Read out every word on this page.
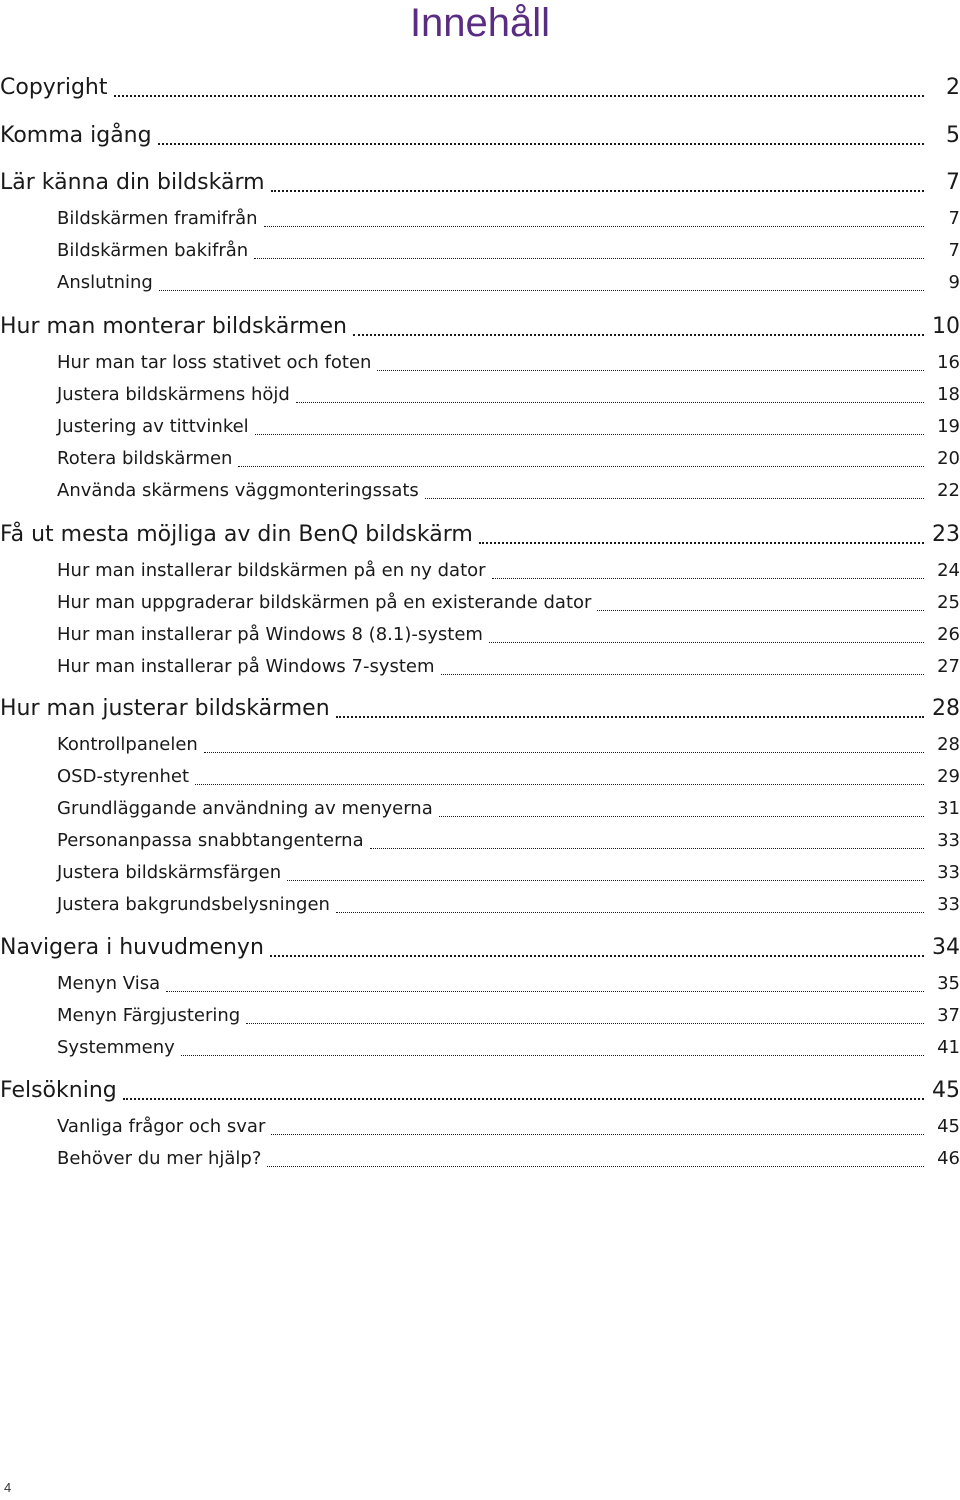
Innehåll
Copyright	2
Komma igång	5
Lär känna din bildskärm	7
Bildskärmen framifrån	7
Bildskärmen bakifrån	7
Anslutning	9
Hur man monterar bildskärmen	10
Hur man tar loss stativet och foten	16
Justera bildskärmens höjd	18
Justering av tittvinkel	19
Rotera bildskärmen	20
Använda skärmens väggmonteringssats	22
Få ut mesta möjliga av din BenQ bildskärm	23
Hur man installerar bildskärmen på en ny dator	24
Hur man uppgraderar bildskärmen på en existerande dator	25
Hur man installerar på Windows 8 (8.1)-system	26
Hur man installerar på Windows 7-system	27
Hur man justerar bildskärmen	28
Kontrollpanelen	28
OSD-styrenhet	29
Grundläggande användning av menyerna	31
Personanpassa snabbtangenterna	33
Justera bildskärmsfärgen	33
Justera bakgrundsbelysningen	33
Navigera i huvudmenyn	34
Menyn Visa	35
Menyn Färgjustering	37
Systemmeny	41
Felsökning	45
Vanliga frågor och svar	45
Behöver du mer hjälp?	46
4
